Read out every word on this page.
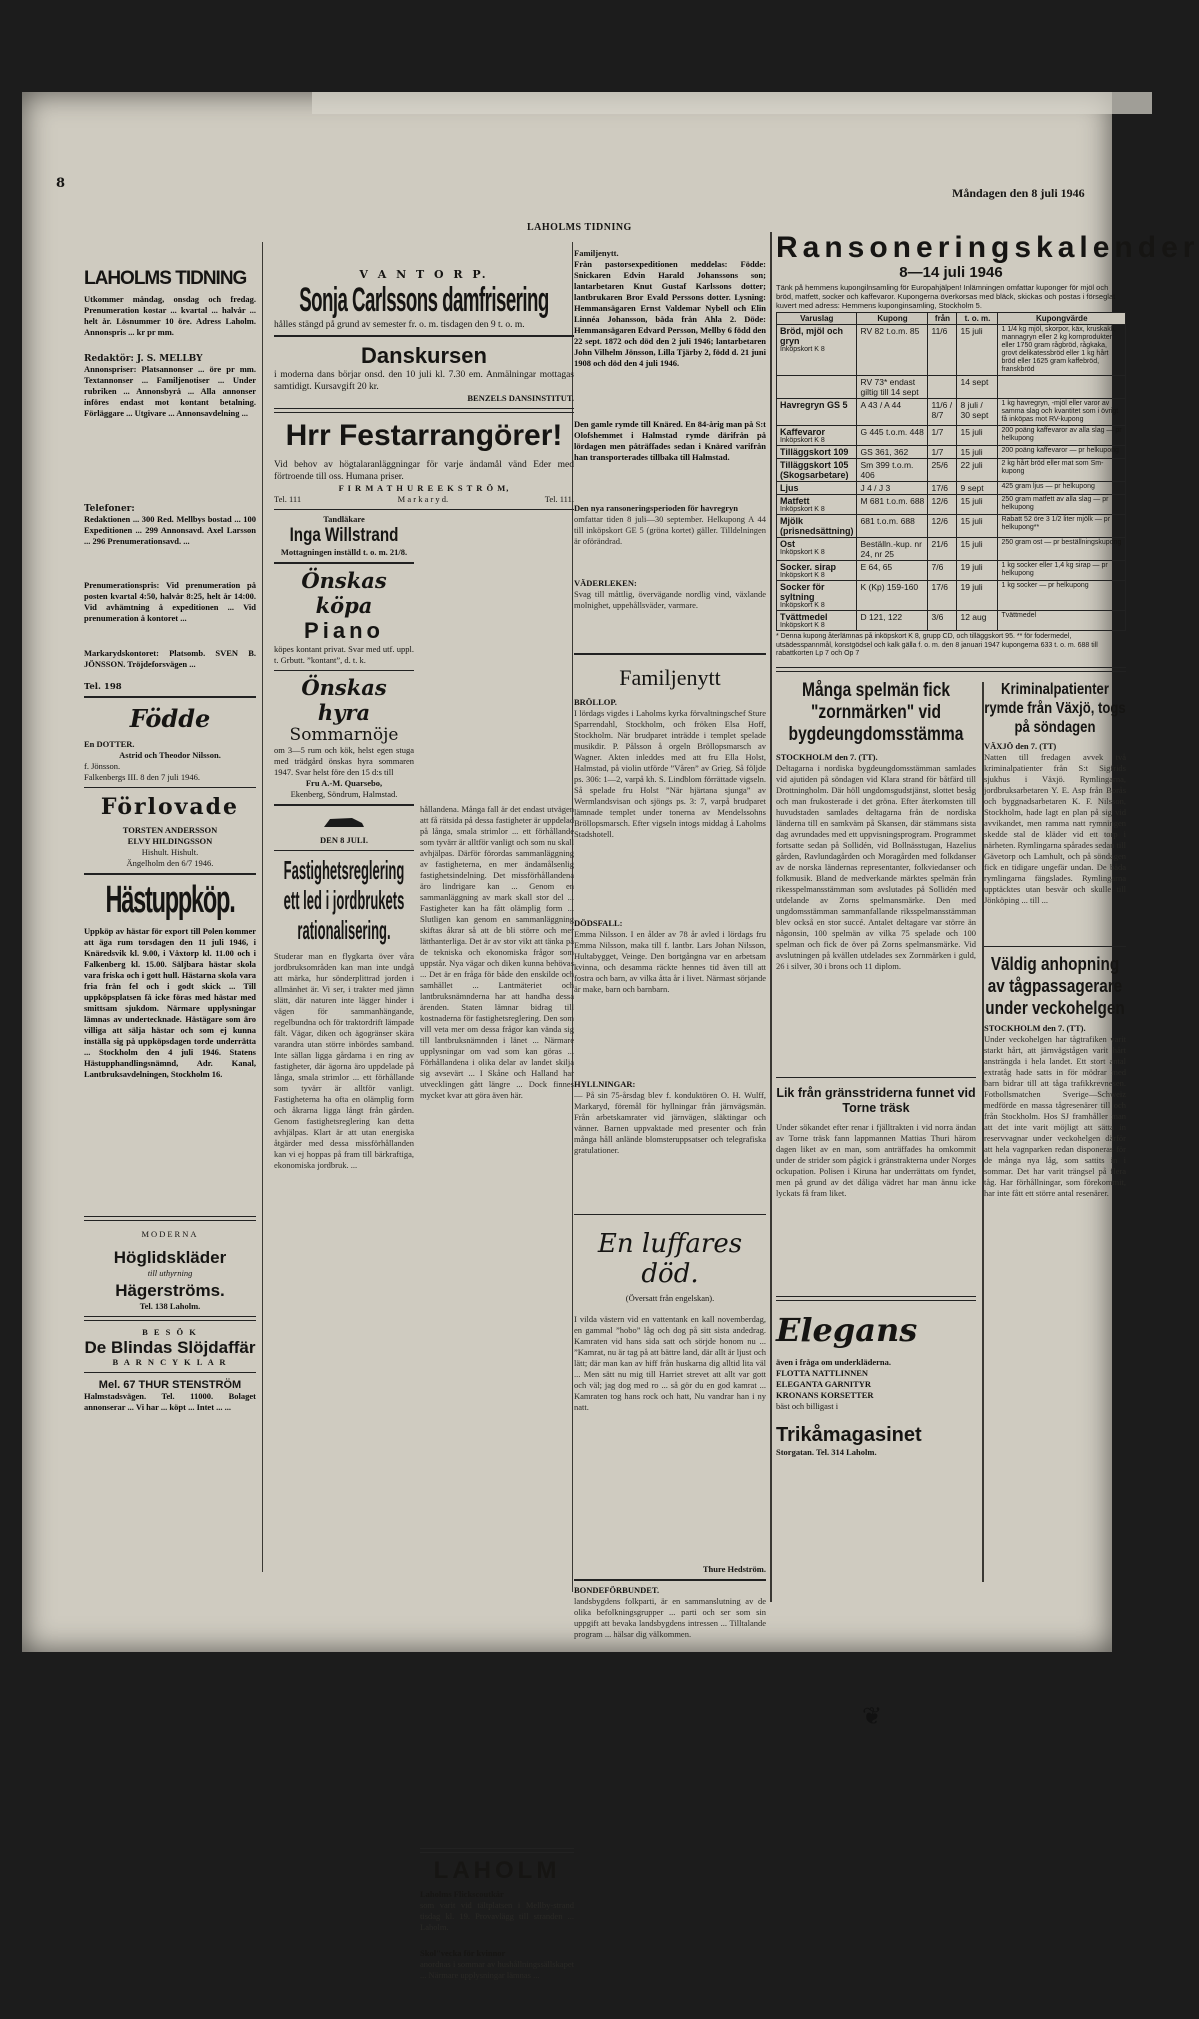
8
Måndagen den 8 juli 1946
LAHOLMS TIDNING
LAHOLMS TIDNING

Utkommer måndag, onsdag och fredag. Prenumeration kostar ... kvartal ... halvår ... helt år. Lösnummer 10 öre. Adress Laholm. Annonspris ... kr pr mm.

Redaktör: J. S. MELLBY

Annonspriser: Platsannonser ... öre pr mm. Textannonser ... Familjenotiser ... Under rubriken ... Annonsbyrå ... Alla annonser införes endast mot kontant betalning. Förläggare ... Utgivare ... Annonsavdelning ...

Telefoner:

Redaktionen ... 300 Red. Mellbys bostad ... 100 Expeditionen ... 299 Annonsavd. Axel Larsson ... 296 Prenumerationsavd. ...

Prenumerationspris: Vid prenumeration på posten kvartal 4:50, halvår 8:25, helt år 14:00. Vid avhämtning å expeditionen ... Vid prenumeration å kontoret ...

Markarydskontoret: Platsomb. SVEN B. JÖNSSON. Tröjdeforsvägen ...

Tel. 198
Födde
En DOTTER.
Astrid och Theodor Nilsson.
f. Jönsson.
Falkenbergs III. 8 den 7 juli 1946.
Förlovade
TORSTEN ANDERSSON
ELVY HILDINGSSON
Hishult. Hishult.
Ängelholm den 6/7 1946.
Hästuppköp.

Uppköp av hästar för export till Polen kommer att äga rum torsdagen den 11 juli 1946, i Knäredsvik kl. 9.00, i Våxtorp kl. 11.00 och i Falkenberg kl. 15.00. Säljbara hästar skola vara friska och i gott hull. Hästarna skola vara fria från fel och i godt skick ... Till uppköpsplatsen få icke föras med hästar med smittsam sjukdom. Närmare upplysningar lämnas av undertecknade. Hästägare som äro villiga att sälja hästar och som ej kunna inställa sig på uppköpsdagen torde underrätta ... Stockholm den 4 juli 1946. Statens Hästupphandlingsnämnd, Adr. Kanal, Lantbruksavdelningen, Stockholm 16.

MODERNA
Höglidskläder
till uthyrning
Hägerströms.
Tel. 138 Laholm.
B E S Ö K
De Blindas Slöjdaffär
B A R N C Y K L A R
Mel. 67 THUR STENSTRÖM

Halmstadsvägen. Tel. 11000. Bolaget annonserar ... Vi har ... köpt ... Intet ... ...

V A N T O R P.
Sonja Carlssons damfrisering
hålles stängd på grund av semester fr. o. m. tisdagen den 9 t. o. m.
Danskursen
i moderna dans börjar onsd. den 10 juli kl. 7.30 em. Anmälningar mottagas samtidigt. Kursavgift 20 kr.
BENZELS DANSINSTITUT.
Hrr Festarrangörer!
Vid behov av högtalaranläggningar för varje ändamål vänd Eder med förtroende till oss. Humana priser.
F I R M A T H U R E E K S T R Ö M,
Tel. 111	M a r k a r y d.	Tel. 111.
Tandläkare
Inga Willstrand
Mottagningen inställd t. o. m. 21/8.
Önskas köpa
Piano
köpes kontant privat. Svar med utf. uppl. t. Grbutt. ”kontant”, d. t. k.
Önskas hyra
Sommarnöje
om 3—5 rum och kök, helst egen stuga med trädgård önskas hyra sommaren 1947. Svar helst före den 15 d:s till
Fru A.-M. Quarsebo,
Ekenberg, Söndrum, Halmstad.
DEN 8 JULI.
Fastighetsreglering
ett led i jordbrukets
rationalisering.

Studerar man en flygkarta över våra jordbruksområden kan man inte undgå att märka, hur sönderplittrad jorden i allmänhet är. Vi ser, i trakter med jämn slätt, där naturen inte lägger hinder i vägen för sammanhängande, regelbundna och för traktordrift lämpade fält. Vägar, diken och ägogränser skära varandra utan större inbördes samband. Inte sällan ligga gårdarna i en ring av fastigheter, där ägorna äro uppdelade på långa, smala strimlor ... ett förhållande som tyvärr är alltför vanligt. Fastigheterna ha ofta en olämplig form och åkrarna ligga långt från gården. Genom fastighetsreglering kan detta avhjälpas. Klart är att utan energiska åtgärder med dessa missförhållanden kan vi ej hoppas på fram till bärkraftiga, ekonomiska jordbruk. ...

hållandena. Många fall är det endast utvägen att få rätsida på dessa fastigheter är uppdelad på långa, smala strimlor ... ett förhållande som tyvärr är alltför vanligt och som nu skall avhjälpas. Därför förordas sammanläggning av fastigheterna, en mer ändamålsenlig fastighetsindelning. Det missförhållandena äro lindrigare kan ... Genom en sammanläggning av mark skall stor del ... Fastigheter kan ha fått olämplig form ... Slutligen kan genom en sammanläggning skiftas åkrar så att de bli större och mer lätthanterliga. Det är av stor vikt att tänka på de tekniska och ekonomiska frågor som uppstår. Nya vägar och diken kunna behövas ... Det är en fråga för både den enskilde och samhället ... Lantmäteriet och lantbruksnämnderna har att handha dessa ärenden. Staten lämnar bidrag till kostnaderna för fastighetsreglering. Den som vill veta mer om dessa frågor kan vända sig till lantbruksnämnden i länet ... Närmare upplysningar om vad som kan göras ... Förhållandena i olika delar av landet skilja sig avsevärt ... I Skåne och Halland har utvecklingen gått längre ... Dock finnes mycket kvar att göra även här.

LAHOLM
Laholms Flickscoutkår

som varit vid tältplatsen i Mellby-strand tisdag kl. 19. Provavlägg till stranden ... Laholm.

Skol"vecka för kvinnor

anordnas i sommar av hushållningssällskapet ... Närmare upplysningar lämnas ...

Familjenytt.

Från pastorsexpeditionen meddelas: Födde: Snickaren Edvin Harald Johanssons son; lantarbetaren Knut Gustaf Karlssons dotter; lantbrukaren Bror Evald Perssons dotter. Lysning: Hemmansägaren Ernst Valdemar Nybell och Elin Linnéa Johansson, båda från Ahla 2. Döde: Hemmansägaren Edvard Persson, Mellby 6 född den 22 sept. 1872 och död den 2 juli 1946; lantarbetaren John Vilhelm Jönsson, Lilla Tjärby 2, född d. 21 juni 1908 och död den 4 juli 1946.

Den gamle rymde till Knäred. En 84-årig man på S:t Olofshemmet i Halmstad rymde därifrån på lördagen men påträffades sedan i Knäred varifrån han transporterades tillbaka till Halmstad.

Den nya ransoneringsperioden för havregryn

omfattar tiden 8 juli—30 september. Helkupong A 44 till inköpskort GE 5 (gröna kortet) gäller. Tilldelningen är oförändrad.

VÄDERLEKEN:

Svag till måttlig, övervägande nordlig vind, växlande molnighet, uppehållsväder, varmare.

Familjenytt
BRÖLLOP.

I lördags vigdes i Laholms kyrka förvaltningschef Sture Sparrendahl, Stockholm, och fröken Elsa Hoff, Stockholm. När brudparet inträdde i templet spelade musikdir. P. Pålsson å orgeln Bröllopsmarsch av Wagner. Akten inleddes med att fru Ella Holst, Halmstad, på violin utförde ”Våren” av Grieg. Så följde ps. 306: 1—2, varpå kh. S. Lindblom förrättade vigseln. Så spelade fru Holst ”När hjärtana sjunga” av Wermlandsvisan och sjöngs ps. 3: 7, varpå brudparet lämnade templet under tonerna av Mendelssohns Bröllopsmarsch. Efter vigseln intogs middag å Laholms Stadshotell.

DÖDSFALL:

Emma Nilsson. I en ålder av 78 år avled i lördags fru Emma Nilsson, maka till f. lantbr. Lars Johan Nilsson, Hultabygget, Veinge. Den bortgångna var en arbetsam kvinna, och desamma räckte hennes tid även till att fostra och barn, av vilka åtta år i livet. Närmast sörjande är make, barn och barnbarn.

HYLLNINGAR:

— På sin 75-årsdag blev f. konduktören O. H. Wulff, Markaryd, föremål för hyllningar från järnvägsmän. Från arbetskamrater vid järnvägen, släktingar och vänner. Barnen uppvaktade med presenter och från många håll anlände blomsteruppsatser och telegrafiska gratulationer.

En luffares död.
(Översatt från engelskan).

I vilda västern vid en vattentank en kall novemberdag, en gammal ”hobo” låg och dog på sitt sista andedrag. Kamraten vid hans sida satt och sörjde honom nu ... ”Kamrat, nu är tag på att bättre land, där allt är ljust och lätt; där man kan av hiff från huskarna dig alltid lita väl ... Men sätt nu mig till Harriet strevet att allt var gott och väl; jag dog med ro ... så gör du en god kamrat ... Kamraten tog hans rock och hatt, Nu vandrar han i ny natt.

Thure Hedström.
BONDEFÖRBUNDET.

landsbygdens folkparti, är en sammanslutning av de olika befolkningsgrupper ... parti och ser som sin uppgift att bevaka landsbygdens intressen ... Tilltalande program ... hälsar dig välkommen.

Ransoneringskalender
8—14 juli 1946
Tänk på hemmens kupongilnsamling för Europahjälpen! Inlämningen omfattar kuponger för mjöl och bröd, matfett, socker och kaffevaror. Kupongerna överkorsas med bläck, skickas och postas i förseglat kuvert med adress: Hemmens kuponginsamling, Stockholm 5.
Varuslag	Kupong	från	t. o. m.	Kupongvärde

Bröd, mjöl och gryn
Inköpskort K 8	RV 82 t.o.m. 85	11/6	15 juli	1 1/4 kg mjöl, skorpor, käx, kruskakli, mannagryn eller 2 kg kornprodukter eller 1750 gram rågbröd, rågkaka, grovt delikatessbröd eller 1 kg hårt bröd eller 1625 gram kaffebröd, franskbröd

	RV 73* endast giltig till 14 sept		14 sept	

Havregryn GS 5	A 43 / A 44	11/6 / 8/7	8 juli / 30 sept	1 kg havregryn, -mjöl eller varor av samma slag och kvantitet som i övrigt få inköpas mot RV-kupong

Kaffevaror
Inköpskort K 8	G 445 t.o.m. 448	1/7	15 juli	200 poäng kaffevaror av alla slag — pr helkupong

Tilläggskort 109	GS 361, 362	1/7	15 juli	200 poäng kaffevaror — pr helkupong

Tilläggskort 105 (Skogsarbetare)	Sm 399 t.o.m. 406	25/6	22 juli	2 kg hårt bröd eller mat som Sm-kupong

Ljus	J 4 / J 3	17/6	9 sept	425 gram ljus — pr helkupong

Matfett
Inköpskort K 8	M 681 t.o.m. 688	12/6	15 juli	250 gram matfett av alla slag — pr helkupong

Mjölk (prisnedsättning)	681 t.o.m. 688	12/6	15 juli	Rabatt 52 öre 3 1/2 liter mjölk — pr helkupong**

Ost
Inköpskort K 8	Beställn.-kup. nr 24, nr 25	21/6	15 juli	250 gram ost — pr beställningskupong

Socker. sirap
Inköpskort K 8	E 64, 65	7/6	19 juli	1 kg socker eller 1,4 kg sirap — pr helkupong

Socker för syltning
Inköpskort K 8	K (Kp) 159-160	17/6	19 juli	1 kg socker — pr helkupong

Tvättmedel
Inköpskort K 8	D 121, 122	3/6	12 aug	Tvättmedel
* Denna kupong återlämnas på inköpskort K 8, grupp CD, och tilläggskort 95. ** för fodermedel, utsädesspannmål, konstgödsel och kalk gälla f. o. m. den 8 januari 1947 kupongerna 633 t. o. m. 688 till rabattkorten Lp 7 och Op 7
Många spelmän fick "zornmärken" vid bygdeungdomsstämma
STOCKHOLM den 7. (TT).

Deltagarna i nordiska bygdeungdomsstämman samlades vid ajutiden på söndagen vid Klara strand för båtfärd till Drottningholm. Där höll ungdomsgudstjänst, slottet besåg och man frukosterade i det gröna. Efter återkomsten till huvudstaden samlades deltagarna från de nordiska länderna till en samkväm på Skansen, där stämmans sista dag avrundades med ett uppvisningsprogram. Programmet fortsatte sedan på Sollidén, vid Bollnässtugan, Hazelius gården, Ravlundagården och Moragården med folkdanser av de norska ländernas representanter, folkviedanser och folkmusik. Bland de medverkande märktes spelmän från rikesspelmansstämman som avslutades på Sollidén med utdelande av Zorns spelmansmärke. Den med ungdomsstämman sammanfallande riksspelmansstämman blev också en stor succé. Antalet deltagare var större än någonsin, 100 spelmän av vilka 75 spelade och 100 spelman och fick de över på Zorns spelmansmärke. Vid avslutningen på kvällen utdelades sex Zornmärken i guld, 26 i silver, 30 i brons och 11 diplom.

Lik från gränsstriderna funnet vid Torne träsk

Under sökandet efter renar i fjälltrakten i vid norra ändan av Torne träsk fann lappmannen Mattias Thuri härom dagen liket av en man, som anträffades ha omkommit under de strider som pågick i gränstrakterna under Norges ockupation. Polisen i Kiruna har underrättats om fyndet, men på grund av det dåliga vädret har man ännu icke lyckats få fram liket.

Elegans
även i fråga om underkläderna.
FLOTTA NATTLINNEN
ELEGANTA GARNITYR
KRONANS KORSETTER
bäst och billigast i
Trikåmagasinet
Storgatan. Tel. 314 Laholm.
Kriminalpatienter rymde från Växjö, togs på söndagen
VÄXJÖ den 7. (TT)

Natten till fredagen avvek två kriminalpatienter från S:t Sigfrids sjukhus i Växjö. Rymlingarna, jordbruksarbetaren Y. E. Asp från Borås och byggnadsarbetaren K. F. Nilsson, Stockholm, hade lagt en plan på sig vid avvikandet, men ramma natt rymningen skedde stal de kläder vid ett torp i närheten. Rymlingarna spårades sedan till Gävetorp och Lamhult, och på söndagen fick en tidigare ungefär undan. De båda rymlingarna fängslades. Rymlingarna upptäcktes utan besvär och skulle till Jönköping ... till ...

Väldig anhopning av tågpassagerare under veckohelgen
STOCKHOLM den 7. (TT).

Under veckohelgen har tågtrafiken varit starkt hårt, att järnvägstågen varit hårt ansträngda i hela landet. Ett stort antal extratåg hade satts in för mödrar med barn bidrar till att tåga trafikkrevnesen. Fotbollsmatchen Sverige—Schweiz medförde en massa tågresenärer till och från Stockholm. Hos SJ framhåller man att det inte varit möjligt att sätta in reservvagnar under veckohelgen därför att hela vagnparken redan disponeras för de många nya låg, som sattits in i sommar. Det har varit trängsel på flera tåg. Har förhållningar, som förekommit, har inte fått ett större antal resenärer.

❦
